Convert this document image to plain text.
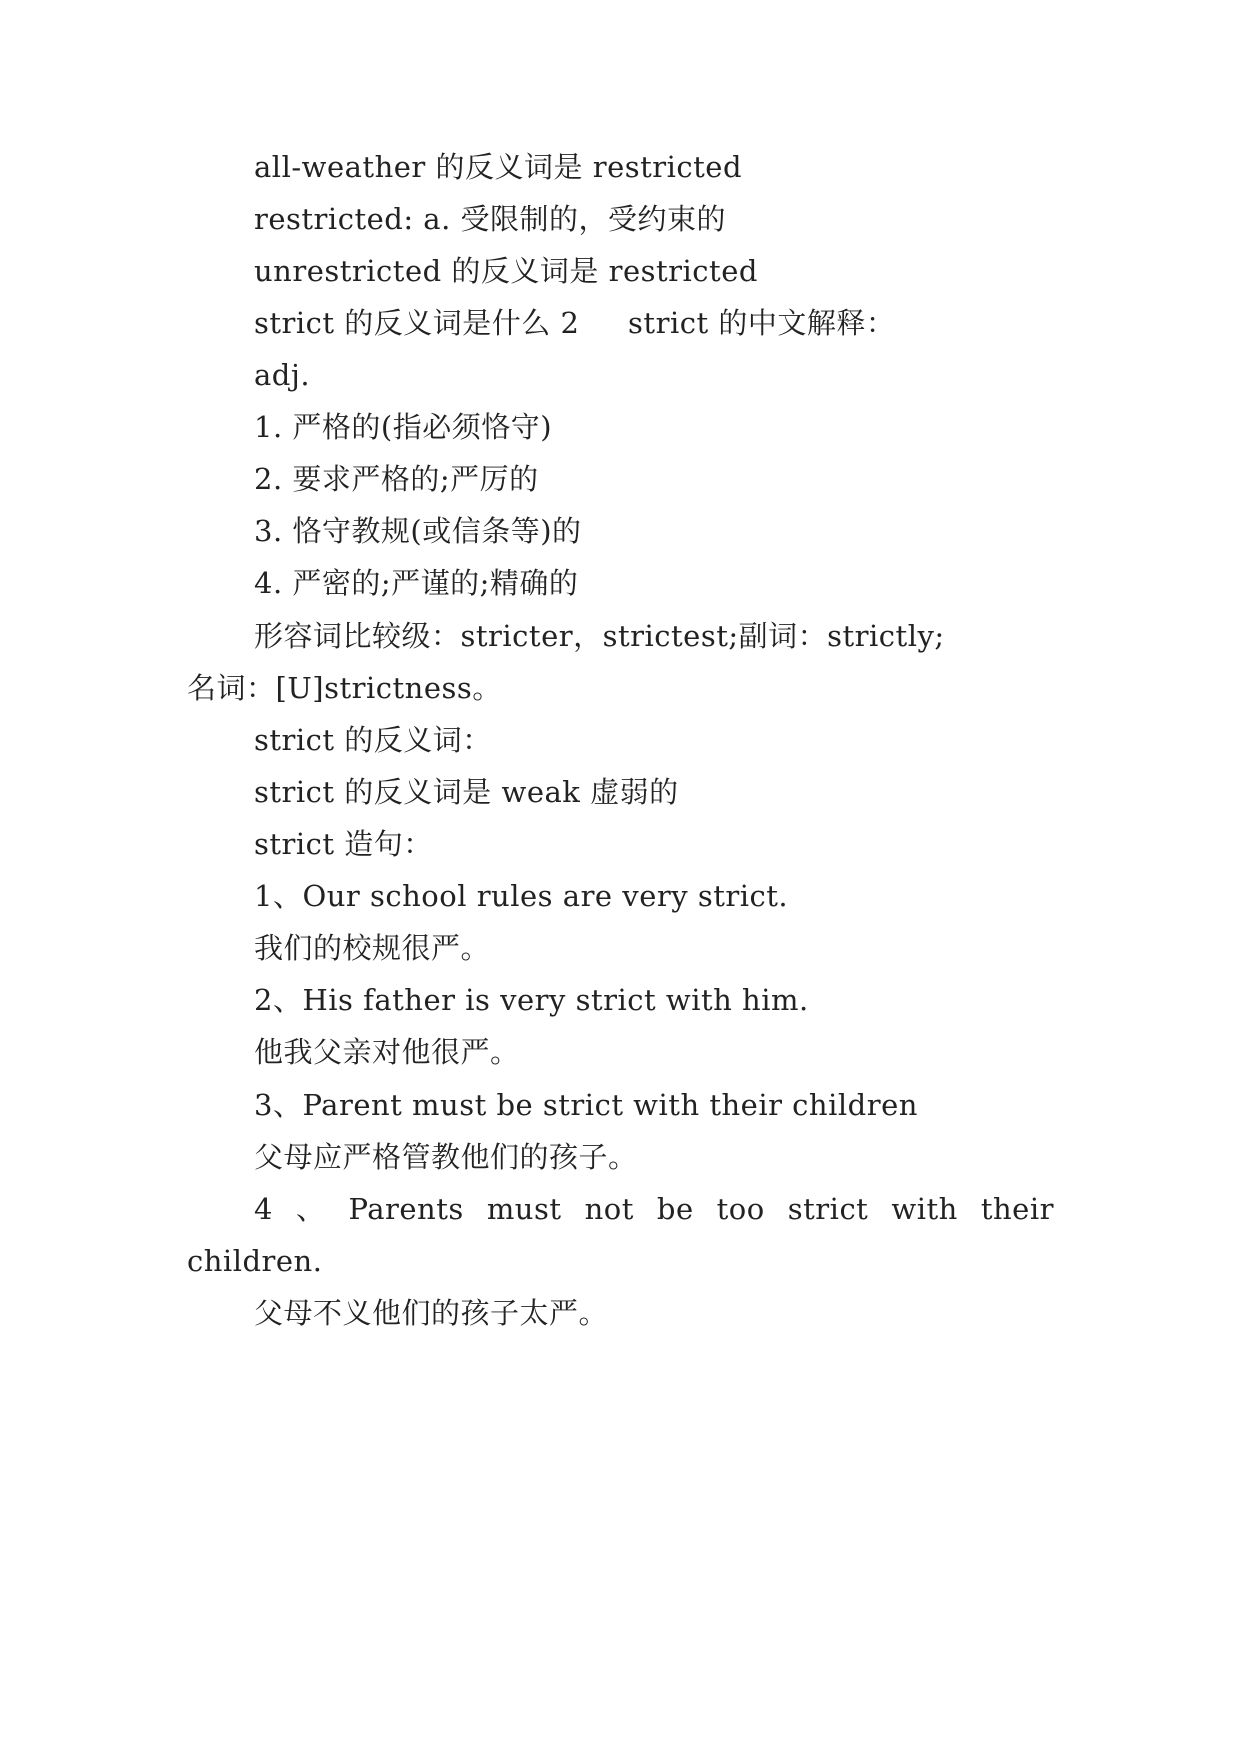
all-weather 的反义词是 restricted
restricted: a. 受限制的，受约束的
unrestricted 的反义词是 restricted
strict 的反义词是什么 2     strict 的中文解释：
adj.
1. 严格的(指必须恪守)
2. 要求严格的;严厉的
3. 恪守教规(或信条等)的
4. 严密的;严谨的;精确的
形容词比较级：stricter，strictest;副词：strictly;
名词：[U]strictness。
strict 的反义词：
strict 的反义词是 weak 虚弱的
strict 造句：
1、Our school rules are very strict.
我们的校规很严。
2、His father is very strict with him.
他我父亲对他很严。
3、Parent must be strict with their children
父母应严格管教他们的孩子。
4 、 Parents must not be too strict with their
children.
父母不义他们的孩子太严。
